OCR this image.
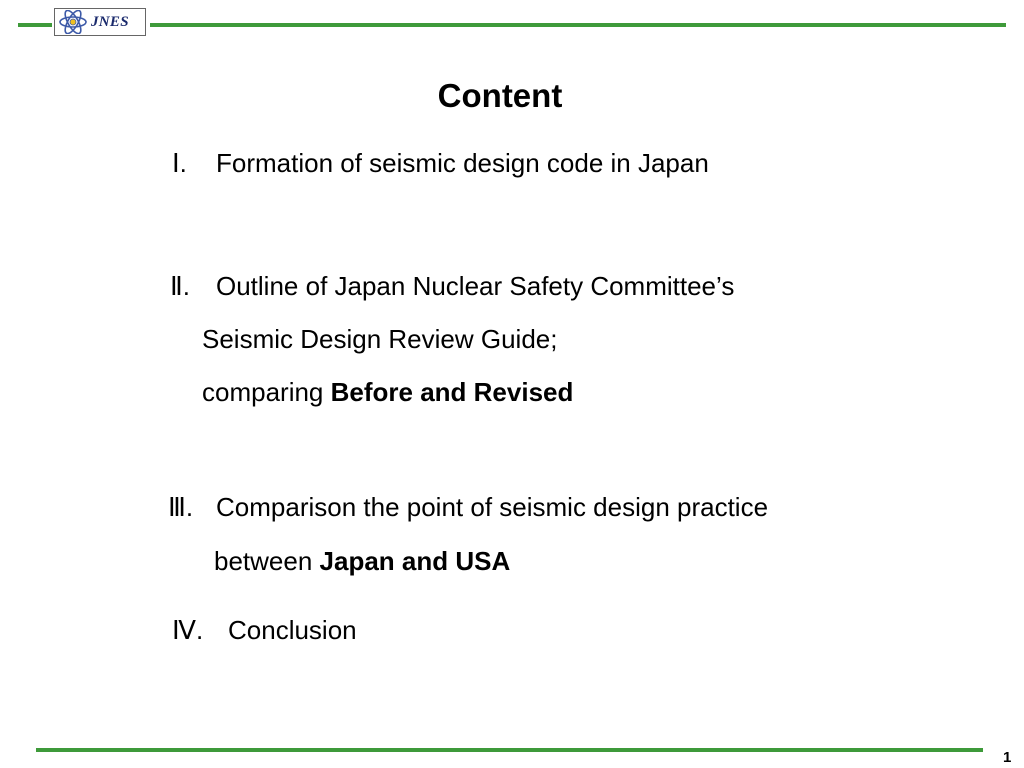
JNES
Content
Ⅰ. Formation of seismic design code in Japan
Ⅱ. Outline of Japan Nuclear Safety Committee’s
Seismic Design Review Guide;
comparing Before and Revised
Ⅲ. Comparison the point of seismic design practice
between Japan and USA
Ⅳ. Conclusion
1
